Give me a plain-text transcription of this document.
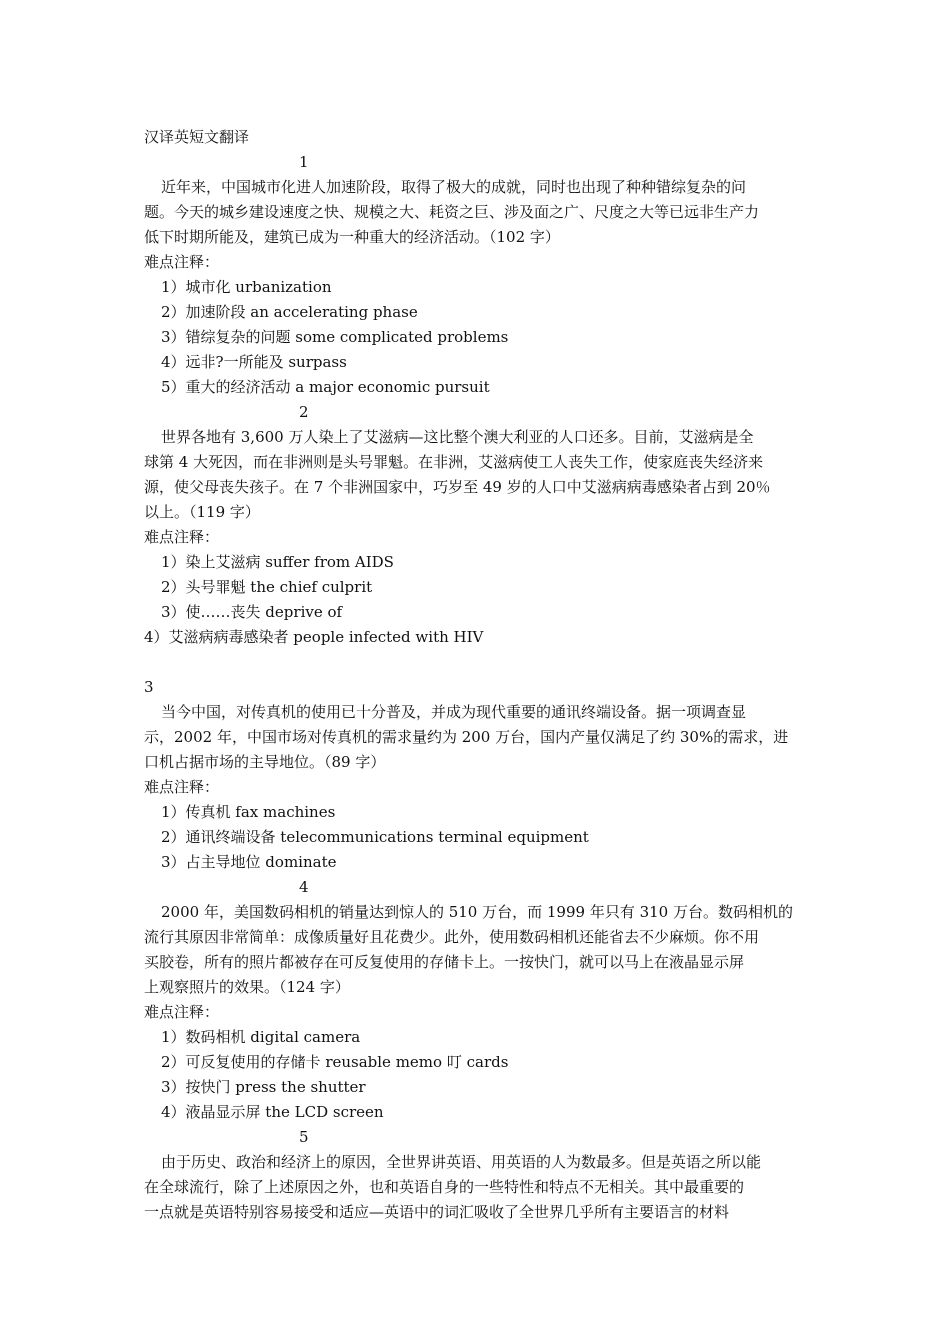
汉译英短文翻译
1
近年来，中国城市化进人加速阶段，取得了极大的成就，同时也出现了种种错综复杂的问
题。今天的城乡建设速度之快、规模之大、耗资之巨、涉及面之广、尺度之大等已远非生产力
低下时期所能及，建筑已成为一种重大的经济活动。（102 字）
难点注释：
1）城市化 urbanization
2）加速阶段 an accelerating phase
3）错综复杂的问题 some complicated problems
4）远非?一所能及 surpass
5）重大的经济活动 a major economic pursuit
2
世界各地有 3,600 万人染上了艾滋病—这比整个澳大利亚的人口还多。目前，艾滋病是全
球第 4 大死因，而在非洲则是头号罪魁。在非洲，艾滋病使工人丧失工作，使家庭丧失经济来
源，使父母丧失孩子。在 7 个非洲国家中，巧岁至 49 岁的人口中艾滋病病毒感染者占到 20％
以上。（119 字）
难点注释：
1）染上艾滋病 suffer from AIDS
2）头号罪魁 the chief culprit
3）使……丧失 deprive of
4）艾滋病病毒感染者 people infected with HIV
3
当今中国，对传真机的使用已十分普及，并成为现代重要的通讯终端设备。据一项调查显
示，2002 年，中国市场对传真机的需求量约为 200 万台，国内产量仅满足了约 30%的需求，进
口机占据市场的主导地位。（89 字）
难点注释：
1）传真机 fax machines
2）通讯终端设备 telecommunications terminal equipment
3）占主导地位 dominate
4
2000 年，美国数码相机的销量达到惊人的 510 万台，而 1999 年只有 310 万台。数码相机的
流行其原因非常简单：成像质量好且花费少。此外，使用数码相机还能省去不少麻烦。你不用
买胶卷，所有的照片都被存在可反复使用的存储卡上。一按快门，就可以马上在液晶显示屏
上观察照片的效果。（124 字）
难点注释：
1）数码相机 digital camera
2）可反复使用的存储卡 reusable memo 叮 cards
3）按快门 press the shutter
4）液晶显示屏 the LCD screen
5
由于历史、政治和经济上的原因，全世界讲英语、用英语的人为数最多。但是英语之所以能
在全球流行，除了上述原因之外，也和英语自身的一些特性和特点不无相关。其中最重要的
一点就是英语特别容易接受和适应—英语中的词汇吸收了全世界几乎所有主要语言的材料
